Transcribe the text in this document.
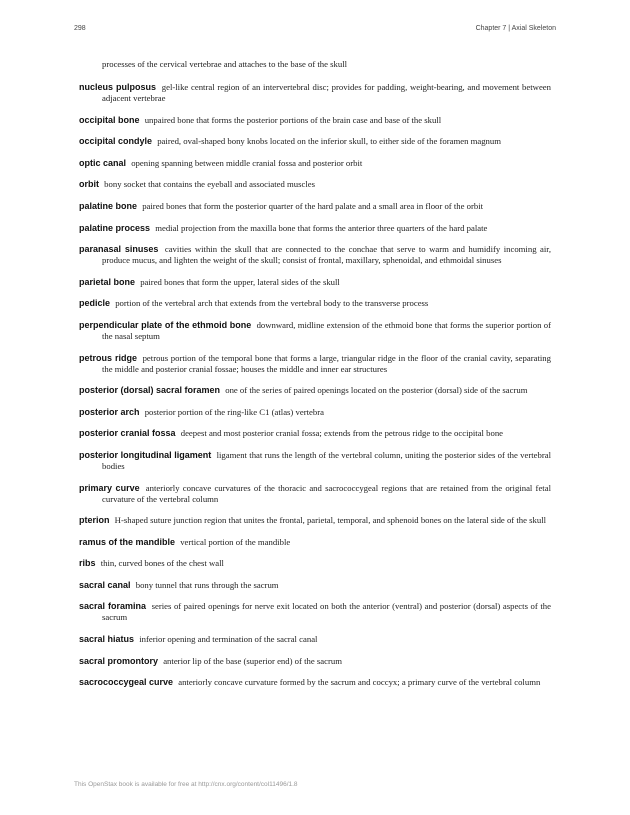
298	Chapter 7 | Axial Skeleton

processes of the cervical vertebrae and attaches to the base of the skull

nucleus pulposus gel-like central region of an intervertebral disc; provides for padding, weight-bearing, and movement between adjacent vertebrae

occipital bone unpaired bone that forms the posterior portions of the brain case and base of the skull

occipital condyle paired, oval-shaped bony knobs located on the inferior skull, to either side of the foramen magnum

optic canal opening spanning between middle cranial fossa and posterior orbit

orbit bony socket that contains the eyeball and associated muscles

palatine bone paired bones that form the posterior quarter of the hard palate and a small area in floor of the orbit

palatine process medial projection from the maxilla bone that forms the anterior three quarters of the hard palate

paranasal sinuses cavities within the skull that are connected to the conchae that serve to warm and humidify incoming air, produce mucus, and lighten the weight of the skull; consist of frontal, maxillary, sphenoidal, and ethmoidal sinuses

parietal bone paired bones that form the upper, lateral sides of the skull

pedicle portion of the vertebral arch that extends from the vertebral body to the transverse process

perpendicular plate of the ethmoid bone downward, midline extension of the ethmoid bone that forms the superior portion of the nasal septum

petrous ridge petrous portion of the temporal bone that forms a large, triangular ridge in the floor of the cranial cavity, separating the middle and posterior cranial fossae; houses the middle and inner ear structures

posterior (dorsal) sacral foramen one of the series of paired openings located on the posterior (dorsal) side of the sacrum

posterior arch posterior portion of the ring-like C1 (atlas) vertebra

posterior cranial fossa deepest and most posterior cranial fossa; extends from the petrous ridge to the occipital bone

posterior longitudinal ligament ligament that runs the length of the vertebral column, uniting the posterior sides of the vertebral bodies

primary curve anteriorly concave curvatures of the thoracic and sacrococcygeal regions that are retained from the original fetal curvature of the vertebral column

pterion H-shaped suture junction region that unites the frontal, parietal, temporal, and sphenoid bones on the lateral side of the skull

ramus of the mandible vertical portion of the mandible

ribs thin, curved bones of the chest wall

sacral canal bony tunnel that runs through the sacrum

sacral foramina series of paired openings for nerve exit located on both the anterior (ventral) and posterior (dorsal) aspects of the sacrum

sacral hiatus inferior opening and termination of the sacral canal

sacral promontory anterior lip of the base (superior end) of the sacrum

sacrococcygeal curve anteriorly concave curvature formed by the sacrum and coccyx; a primary curve of the vertebral column

This OpenStax book is available for free at http://cnx.org/content/col11496/1.8
